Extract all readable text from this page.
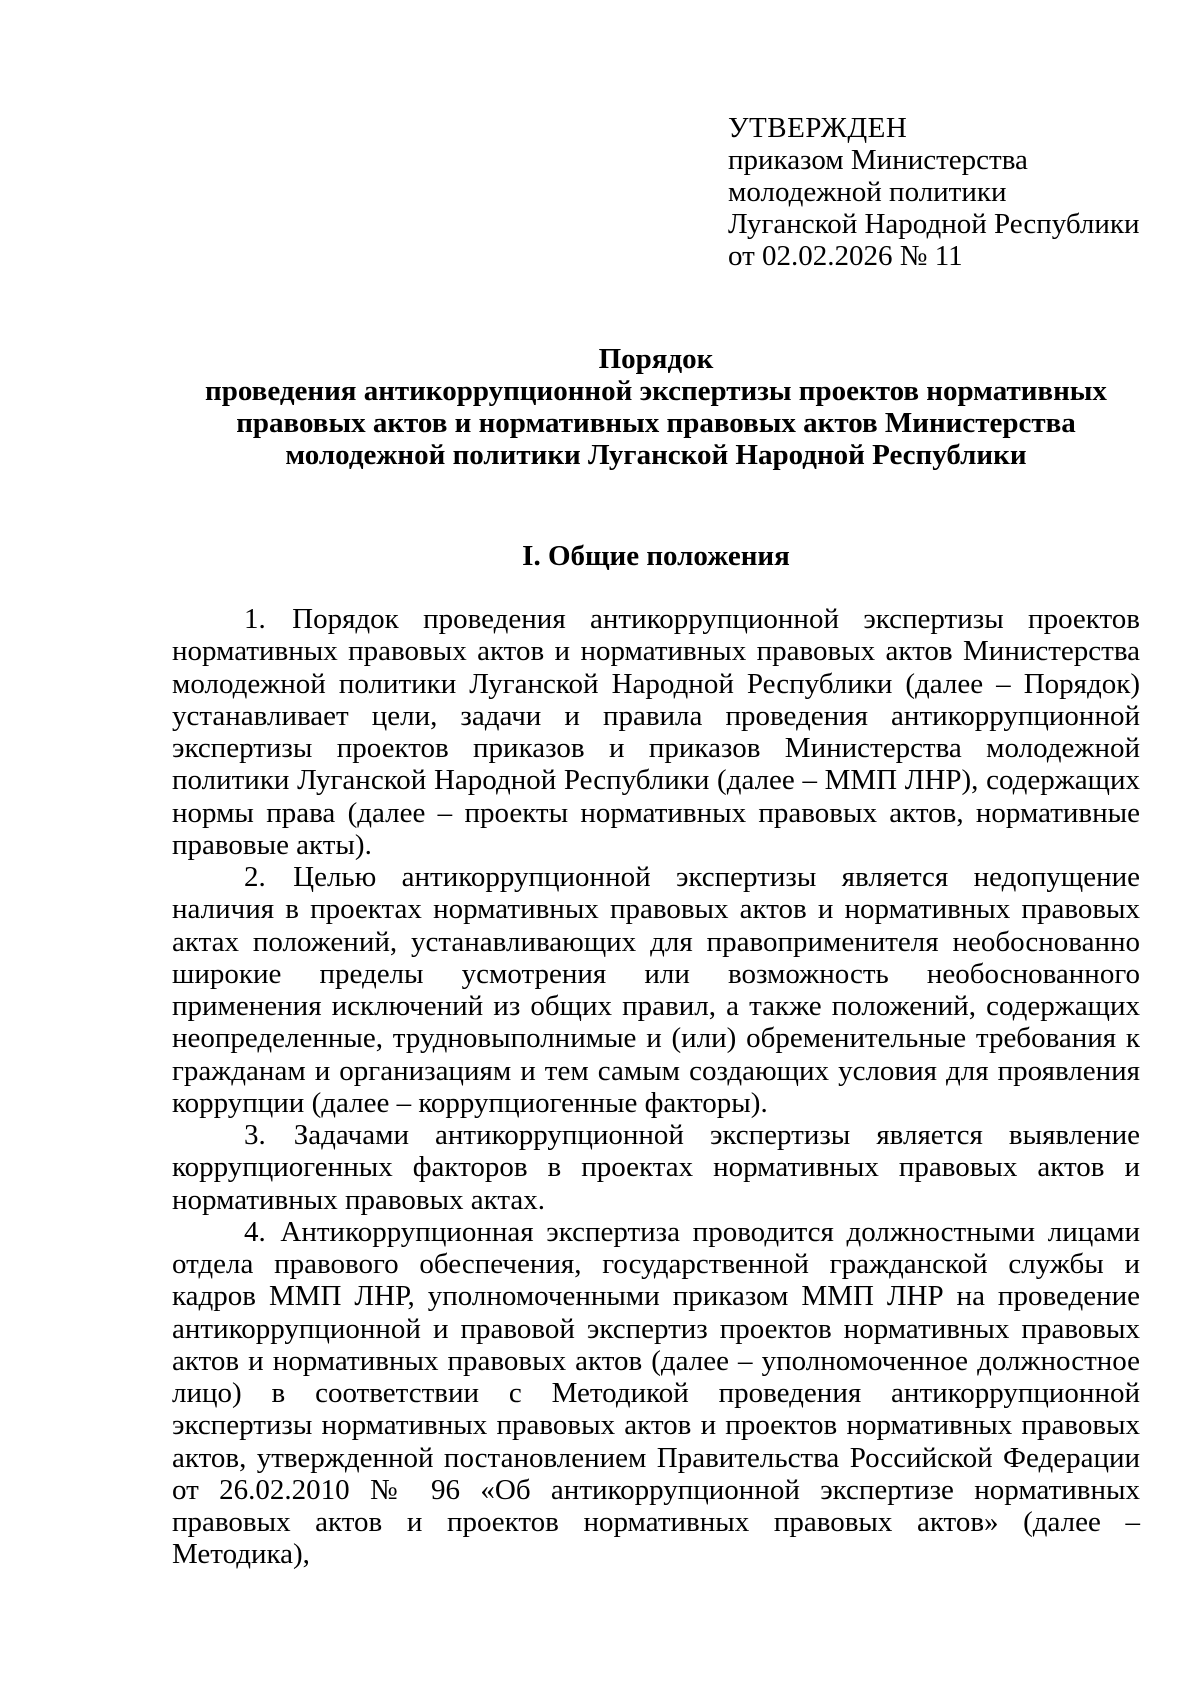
УТВЕРЖДЕН
приказом Министерства
молодежной политики
Луганской Народной Республики
от 02.02.2026 № 11
Порядок
проведения антикоррупционной экспертизы проектов нормативных
правовых актов и нормативных правовых актов Министерства
молодежной политики Луганской Народной Республики
I. Общие положения

1. Порядок проведения антикоррупционной экспертизы проектов нормативных правовых актов и нормативных правовых актов Министерства молодежной политики Луганской Народной Республики (далее – Порядок) устанавливает цели, задачи и правила проведения антикоррупционной экспертизы проектов приказов и приказов Министерства молодежной политики Луганской Народной Республики (далее – ММП ЛНР), содержащих нормы права (далее – проекты нормативных правовых актов, нормативные правовые акты).

2. Целью антикоррупционной экспертизы является недопущение наличия в проектах нормативных правовых актов и нормативных правовых актах положений, устанавливающих для правоприменителя необоснованно широкие пределы усмотрения или возможность необоснованного применения исключений из общих правил, а также положений, содержащих неопределенные, трудновыполнимые и (или) обременительные требования к гражданам и организациям и тем самым создающих условия для проявления коррупции (далее – коррупциогенные факторы).

3. Задачами антикоррупционной экспертизы является выявление коррупциогенных факторов в проектах нормативных правовых актов и нормативных правовых актах.

4. Антикоррупционная экспертиза проводится должностными лицами отдела правового обеспечения, государственной гражданской службы и кадров ММП ЛНР, уполномоченными приказом ММП ЛНР на проведение антикоррупционной и правовой экспертиз проектов нормативных правовых актов и нормативных правовых актов (далее – уполномоченное должностное лицо) в соответствии с Методикой проведения антикоррупционной экспертизы нормативных правовых актов и проектов нормативных правовых актов, утвержденной постановлением Правительства Российской Федерации от 26.02.2010 № 96 «Об антикоррупционной экспертизе нормативных правовых актов и проектов нормативных правовых актов» (далее – Методика),
